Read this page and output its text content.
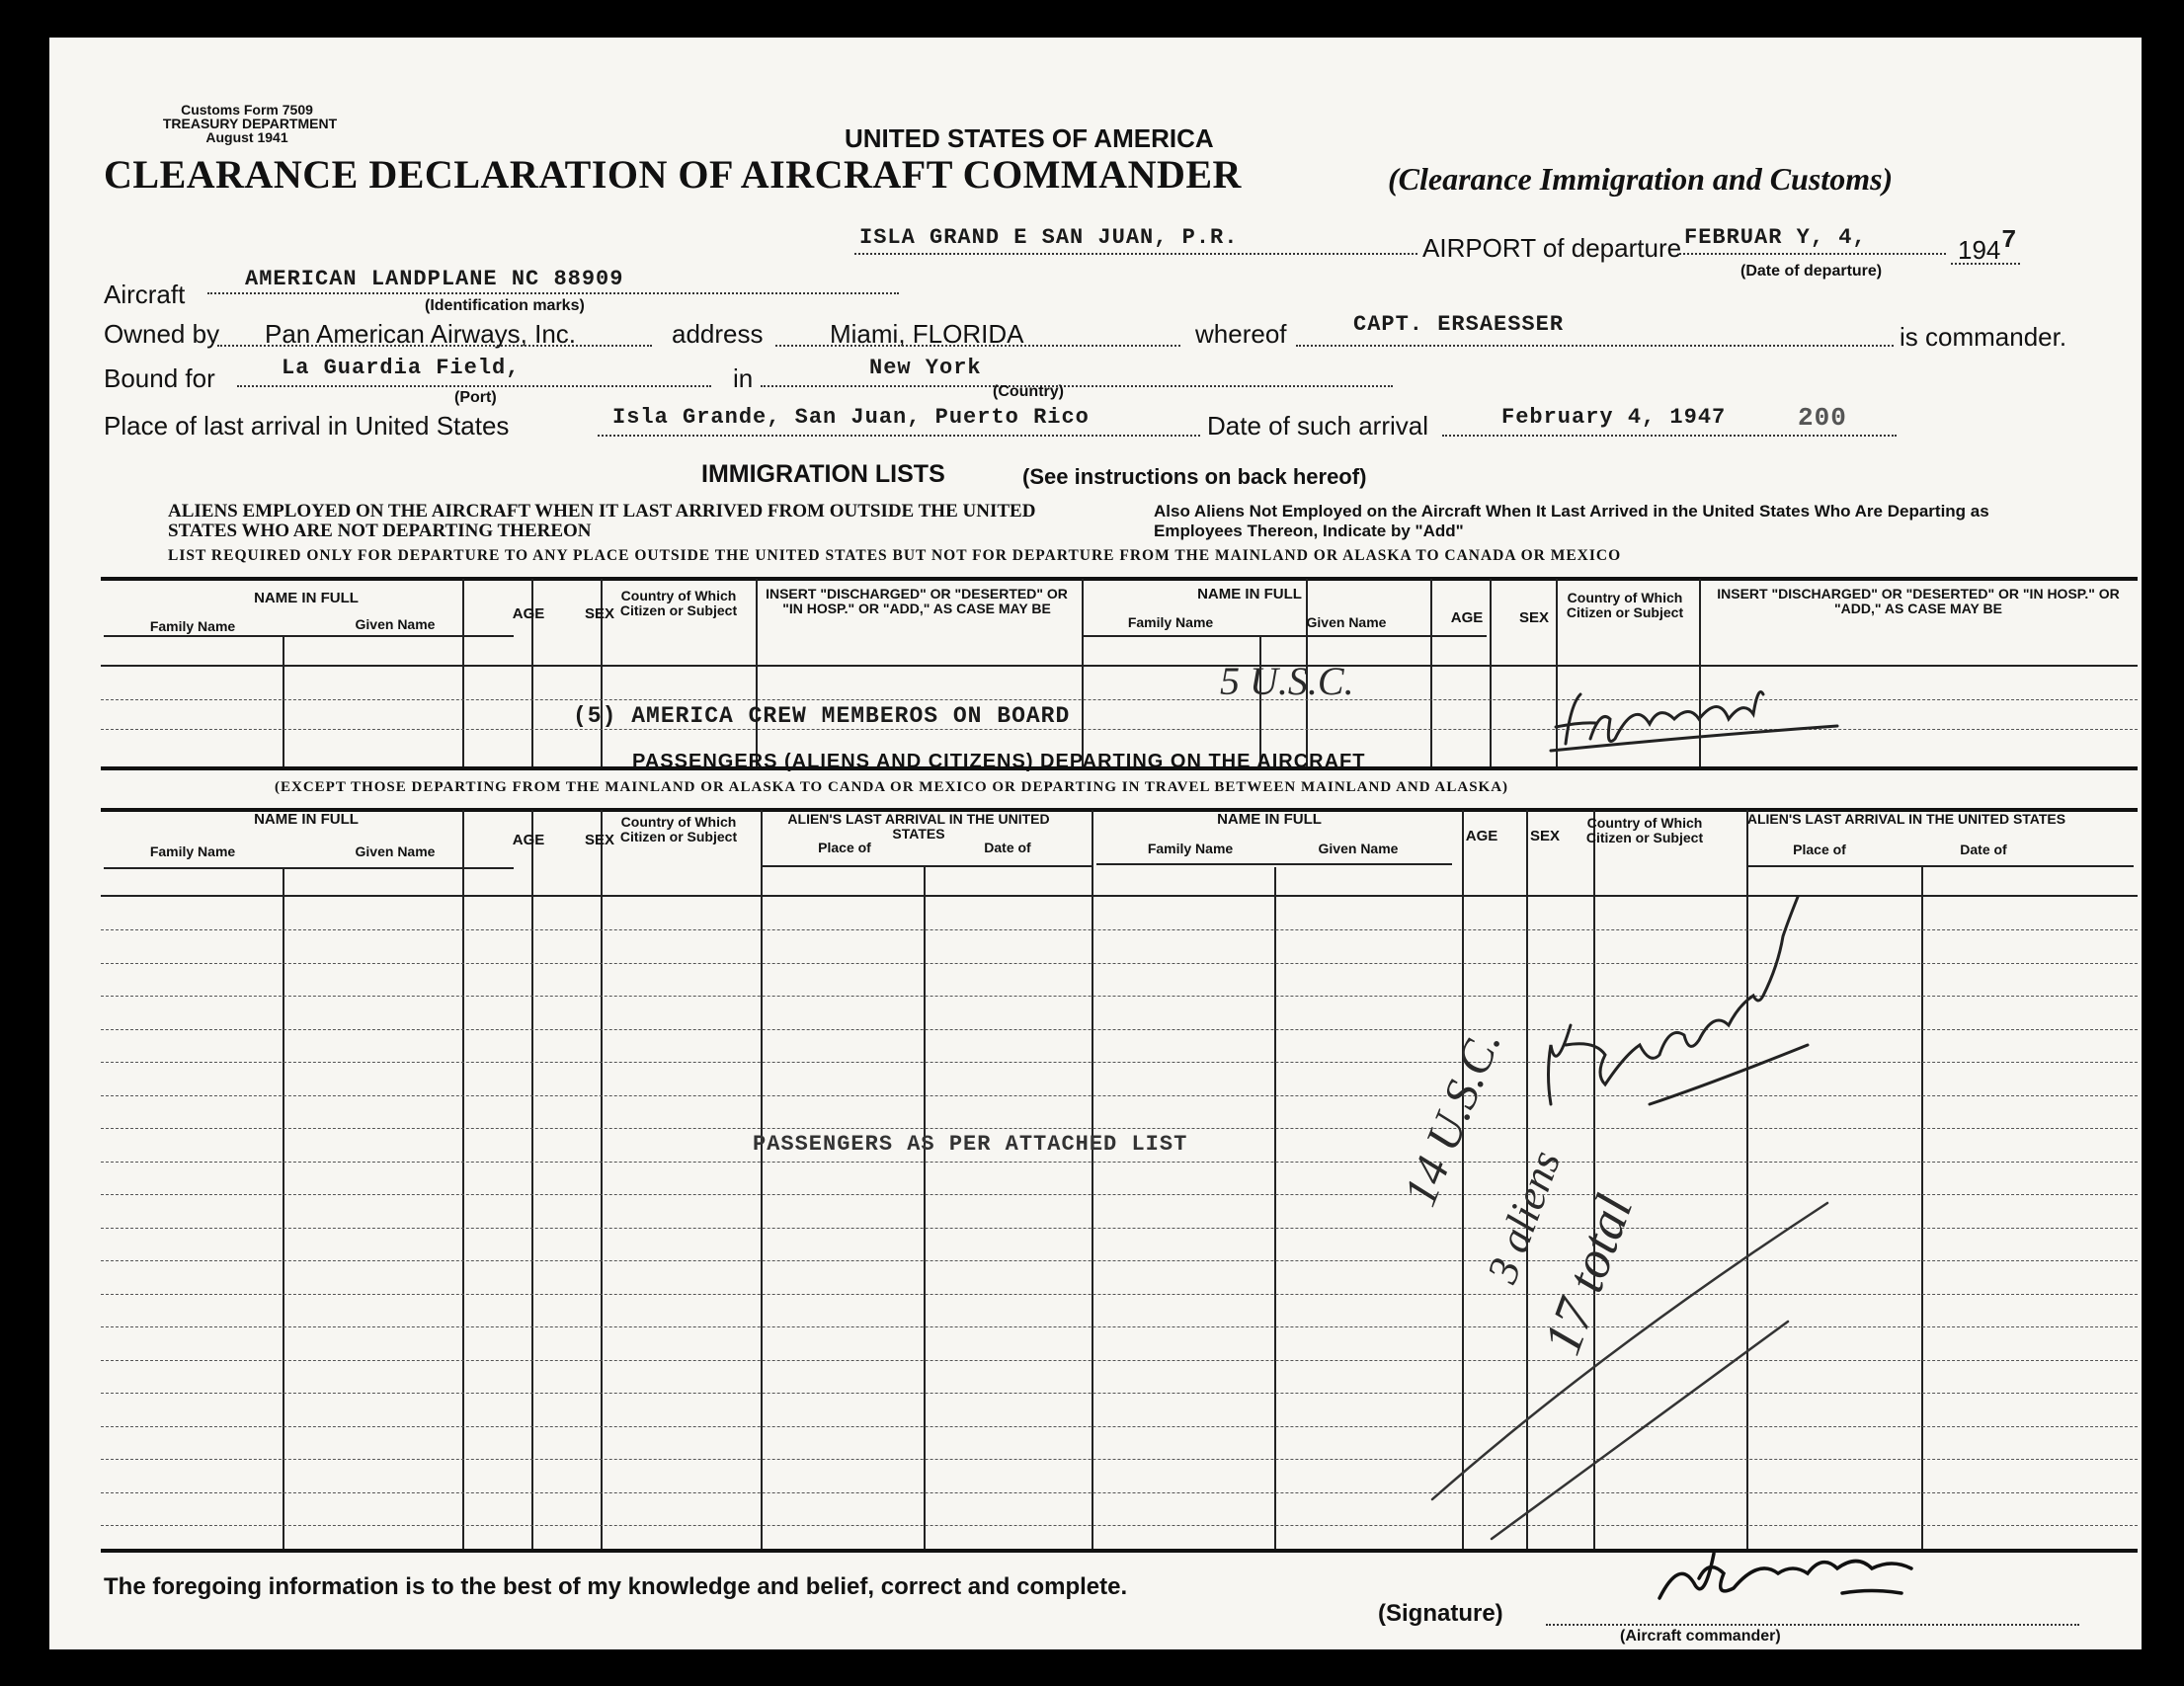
Customs Form 7509
TREASURY DEPARTMENT
August 1941	UNITED STATES OF AMERICA
CLEARANCE DECLARATION OF AIRCRAFT COMMANDER	(Clearance Immigration and Customs)
ISLA GRAND E SAN JUAN, P.R.	AIRPORT of departure FEBRUAR Y, 4,	194 7
(Date of departure)
Aircraft
AMERICAN LANDPLANE NC 88909
(Identification marks)
Owned by Pan American Airways, Inc.	address	Miami, FLORIDA	whereof	CAPT. ERSAESSER	is commander.
Bound for	La Guardia Field,	in	New York
(Port)	(Country)
Place of last arrival in United States	Isla Grande, San Juan, Puerto Rico	Date of such arrival	February 4, 1947	200
IMMIGRATION LISTS	(See instructions on back hereof)
ALIENS EMPLOYED ON THE AIRCRAFT WHEN IT LAST ARRIVED FROM OUTSIDE THE UNITED STATES WHO ARE NOT DEPARTING THEREON
Also Aliens Not Employed on the Aircraft When It Last Arrived in the United States Who Are Departing as Employees Thereon, Indicate by "Add"
LIST REQUIRED ONLY FOR DEPARTURE TO ANY PLACE OUTSIDE THE UNITED STATES BUT NOT FOR DEPARTURE FROM THE MAINLAND OR ALASKA TO CANADA OR MEXICO
NAME IN FULL
Family Name	Given Name
AGE	SEX
Country of Which Citizen or Subject
INSERT "DISCHARGED" OR "DESERTED" OR "IN HOSP." OR "ADD," AS CASE MAY BE
NAME IN FULL
Family Name	Given Name	AGE	SEX
Country of Which Citizen or Subject
INSERT "DISCHARGED" OR "DESERTED" OR "IN HOSP." OR "ADD," AS CASE MAY BE
(5) AMERICA CREW MEMBEROS ON BOARD
5 U.S.C.
PASSENGERS (ALIENS AND CITIZENS) DEPARTING ON THE AIRCRAFT
(EXCEPT THOSE DEPARTING FROM THE MAINLAND OR ALASKA TO CANDA OR MEXICO OR DEPARTING IN TRAVEL BETWEEN MAINLAND AND ALASKA)
NAME IN FULL
Family Name	Given Name
AGE	SEX
Country of Which Citizen or Subject
ALIEN'S LAST ARRIVAL IN THE UNITED STATES
Place of	Date of
NAME IN FULL
Family Name	Given Name
AGE	SEX
Country of Which Citizen or Subject
ALIEN'S LAST ARRIVAL IN THE UNITED STATES
Place of	Date of
PASSENGERS AS PER ATTACHED LIST	14 U.S.C.
3 aliens
17 total
The foregoing information is to the best of my knowledge and belief, correct and complete.
(Signature)
(Aircraft commander)
